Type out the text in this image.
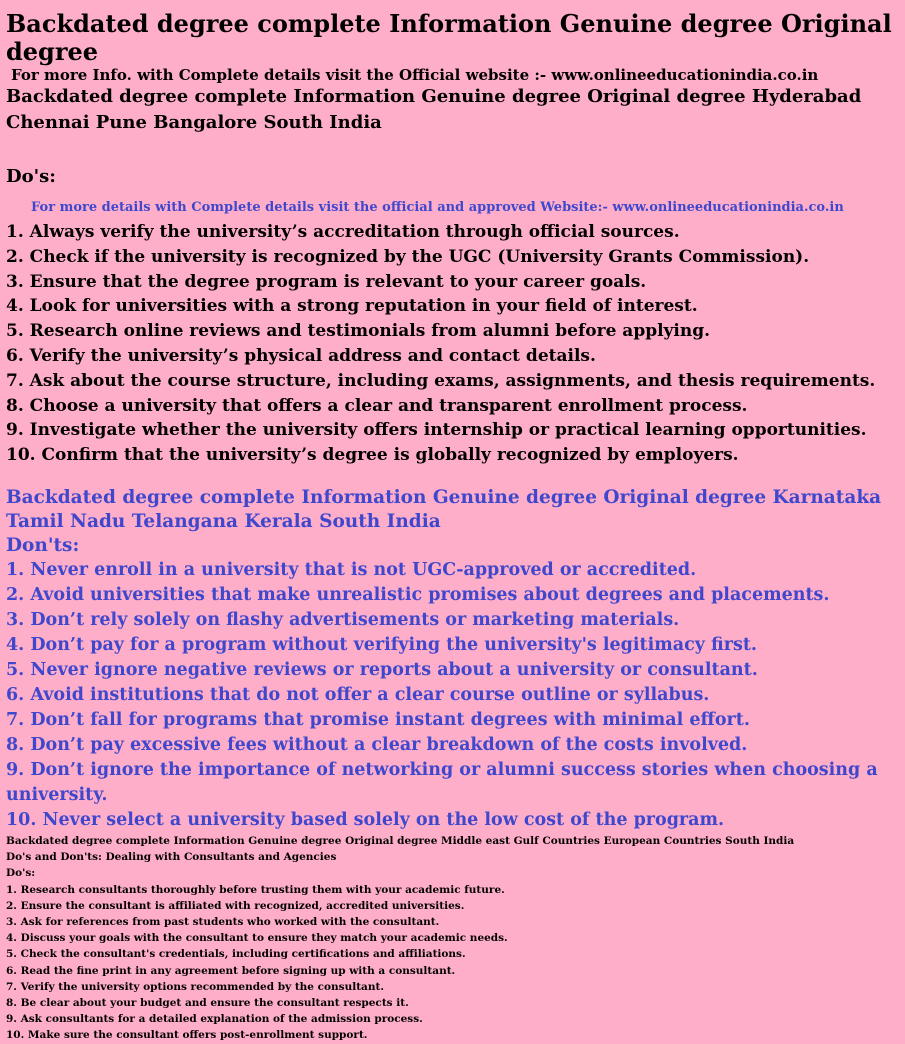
Backdated degree complete Information Genuine degree Original degree

For more Info. with Complete details visit the Official website :- www.onlineeducationindia.co.in

Backdated degree complete Information Genuine degree Original degree Hyderabad Chennai Pune Bangalore South India

Do's:

For more details with Complete details visit the official and approved Website:- www.onlineeducationindia.co.in

1. Always verify the university’s accreditation through official sources.
2. Check if the university is recognized by the UGC (University Grants Commission).
3. Ensure that the degree program is relevant to your career goals.
4. Look for universities with a strong reputation in your field of interest.
5. Research online reviews and testimonials from alumni before applying.
6. Verify the university’s physical address and contact details.
7. Ask about the course structure, including exams, assignments, and thesis requirements.
8. Choose a university that offers a clear and transparent enrollment process.
9. Investigate whether the university offers internship or practical learning opportunities.
10. Confirm that the university’s degree is globally recognized by employers.

Backdated degree complete Information Genuine degree Original degree Karnataka Tamil Nadu Telangana Kerala South India

Don'ts:

1. Never enroll in a university that is not UGC-approved or accredited.
2. Avoid universities that make unrealistic promises about degrees and placements.
3. Don’t rely solely on flashy advertisements or marketing materials.
4. Don’t pay for a program without verifying the university's legitimacy first.
5. Never ignore negative reviews or reports about a university or consultant.
6. Avoid institutions that do not offer a clear course outline or syllabus.
7. Don’t fall for programs that promise instant degrees with minimal effort.
8. Don’t pay excessive fees without a clear breakdown of the costs involved.
9. Don’t ignore the importance of networking or alumni success stories when choosing a university.
10. Never select a university based solely on the low cost of the program.

Backdated degree complete Information Genuine degree Original degree Middle east Gulf Countries European Countries South India

Do's and Don'ts: Dealing with Consultants and Agencies

Do's:

1. Research consultants thoroughly before trusting them with your academic future.
2. Ensure the consultant is affiliated with recognized, accredited universities.
3. Ask for references from past students who worked with the consultant.
4. Discuss your goals with the consultant to ensure they match your academic needs.
5. Check the consultant's credentials, including certifications and affiliations.
6. Read the fine print in any agreement before signing up with a consultant.
7. Verify the university options recommended by the consultant.
8. Be clear about your budget and ensure the consultant respects it.
9. Ask consultants for a detailed explanation of the admission process.
10. Make sure the consultant offers post-enrollment support.
